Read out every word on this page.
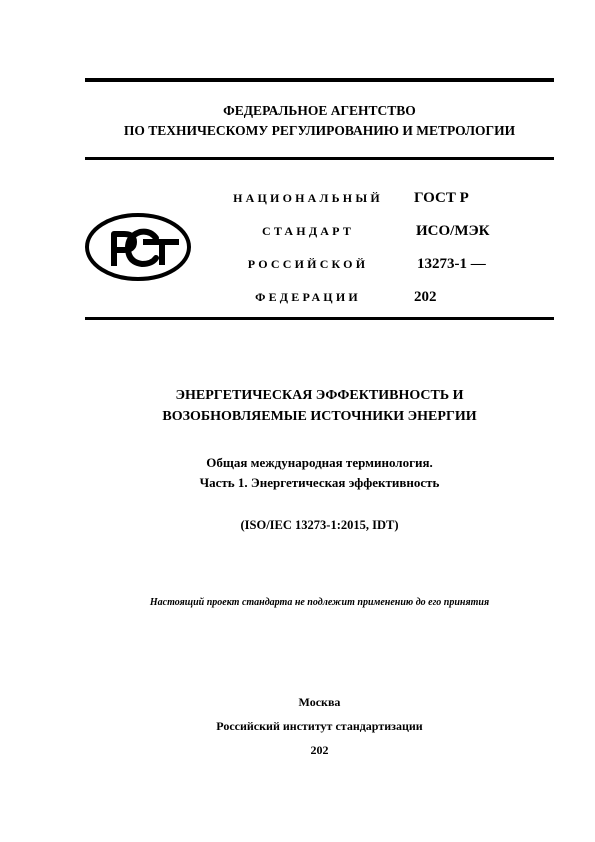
ФЕДЕРАЛЬНОЕ АГЕНТСТВО
ПО ТЕХНИЧЕСКОМУ РЕГУЛИРОВАНИЮ И МЕТРОЛОГИИ
НАЦИОНАЛЬНЫЙ
СТАНДАРТ
РОССИЙСКОЙ
ФЕДЕРАЦИИ
ГОСТ Р
ИСО/МЭК
13273-1 —
202
ЭНЕРГЕТИЧЕСКАЯ ЭФФЕКТИВНОСТЬ И
ВОЗОБНОВЛЯЕМЫЕ ИСТОЧНИКИ ЭНЕРГИИ
Общая международная терминология.
Часть 1. Энергетическая эффективность
(ISO/IEC 13273-1:2015, IDT)
Настоящий проект стандарта не подлежит применению до его принятия
Москва
Российский институт стандартизации
202
